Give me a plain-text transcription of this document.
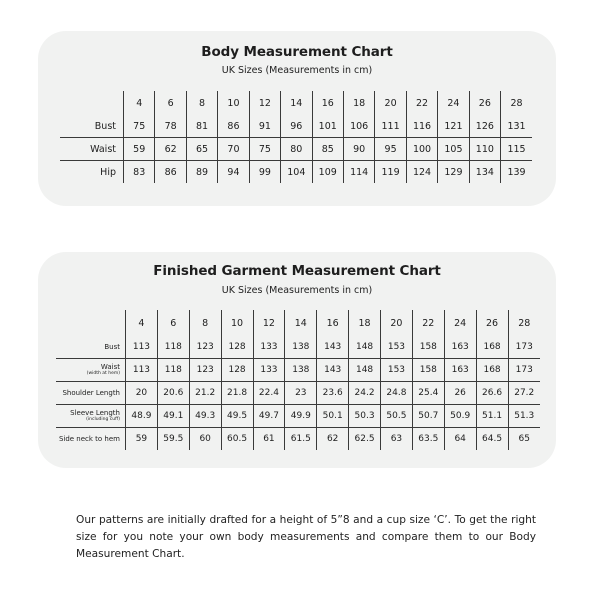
Body Measurement Chart
UK Sizes (Measurements in cm)
	4	6	8	10	12	14	16	18	20	22	24	26	28
Bust	75	78	81	86	91	96	101	106	111	116	121	126	131
Waist	59	62	65	70	75	80	85	90	95	100	105	110	115
Hip	83	86	89	94	99	104	109	114	119	124	129	134	139
Finished Garment Measurement Chart
UK Sizes (Measurements in cm)
	4	6	8	10	12	14	16	18	20	22	24	26	28
Bust	113	118	123	128	133	138	143	148	153	158	163	168	173
Waist
(width at hem)	113	118	123	128	133	138	143	148	153	158	163	168	173
Shoulder Length	20	20.6	21.2	21.8	22.4	23	23.6	24.2	24.8	25.4	26	26.6	27.2
Sleeve Length
(including cuff)	48.9	49.1	49.3	49.5	49.7	49.9	50.1	50.3	50.5	50.7	50.9	51.1	51.3
Side neck to hem	59	59.5	60	60.5	61	61.5	62	62.5	63	63.5	64	64.5	65
Our patterns are initially drafted for a height of 5”8 and a cup size ‘C’. To get the right size for you note your own body measurements and compare them to our Body Measurement Chart.
